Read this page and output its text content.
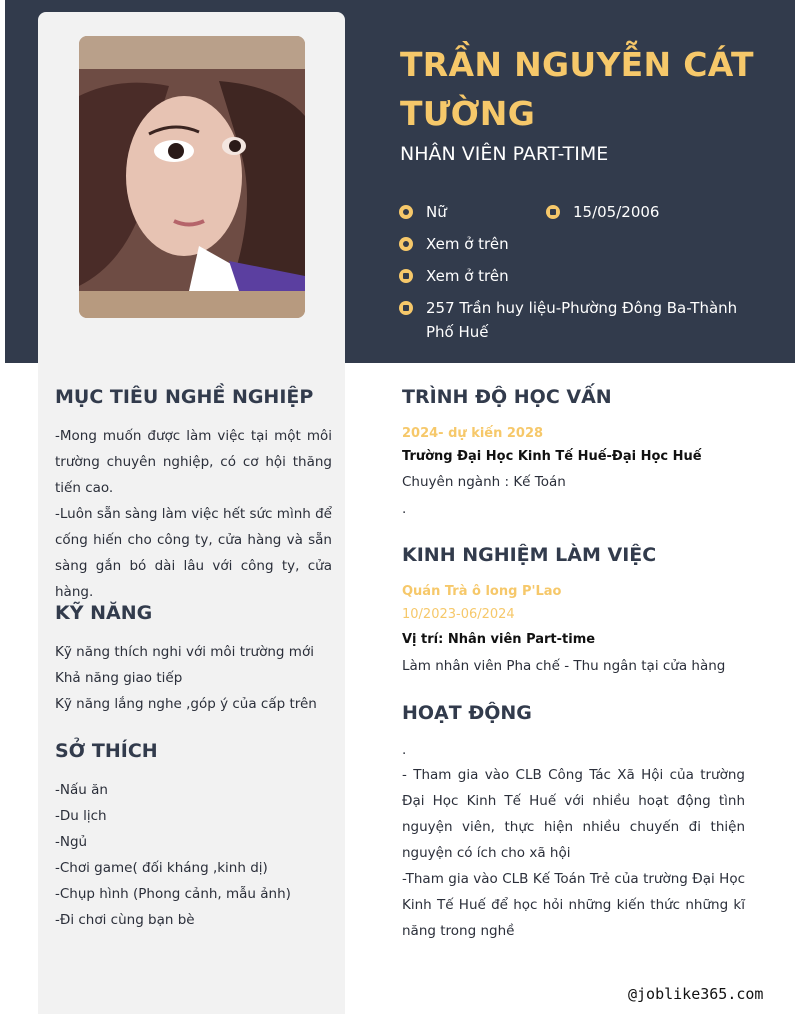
TRẦN NGUYỄN CÁT TƯỜNG
NHÂN VIÊN PART-TIME
Nữ	15/05/2006
Xem ở trên
Xem ở trên
257 Trần huy liệu-Phường Đông Ba-Thành Phố Huế
MỤC TIÊU NGHỀ NGHIỆP
-Mong muốn được làm việc tại một môi trường chuyên nghiệp, có cơ hội thăng tiến cao.
-Luôn sẵn sàng làm việc hết sức mình để cống hiến cho công ty, cửa hàng và sẵn sàng gắn bó dài lâu với công ty, cửa hàng.
KỸ NĂNG
Kỹ năng thích nghi với môi trường mới
Khả năng giao tiếp
Kỹ năng lắng nghe ,góp ý của cấp trên
SỞ THÍCH
-Nấu ăn
-Du lịch
-Ngủ
-Chơi game( đối kháng ,kinh dị)
-Chụp hình (Phong cảnh, mẫu ảnh)
-Đi chơi cùng bạn bè
TRÌNH ĐỘ HỌC VẤN
2024- dự kiến 2028
Trường Đại Học Kinh Tế Huế-Đại Học Huế
Chuyên ngành : Kế Toán
.
KINH NGHIỆM LÀM VIỆC
Quán Trà ô long P'Lao
10/2023-06/2024
Vị trí: Nhân viên Part-time
Làm nhân viên Pha chế - Thu ngân tại cửa hàng
HOẠT ĐỘNG
.
- Tham gia vào CLB Công Tác Xã Hội của trường Đại Học Kinh Tế Huế với nhiều hoạt động tình nguyện viên, thực hiện nhiều chuyến đi thiện nguyện có ích cho xã hội
-Tham gia vào CLB Kế Toán Trẻ của trường Đại Học Kinh Tế Huế để học hỏi những kiến thức những kĩ năng trong nghề
@joblike365.com
